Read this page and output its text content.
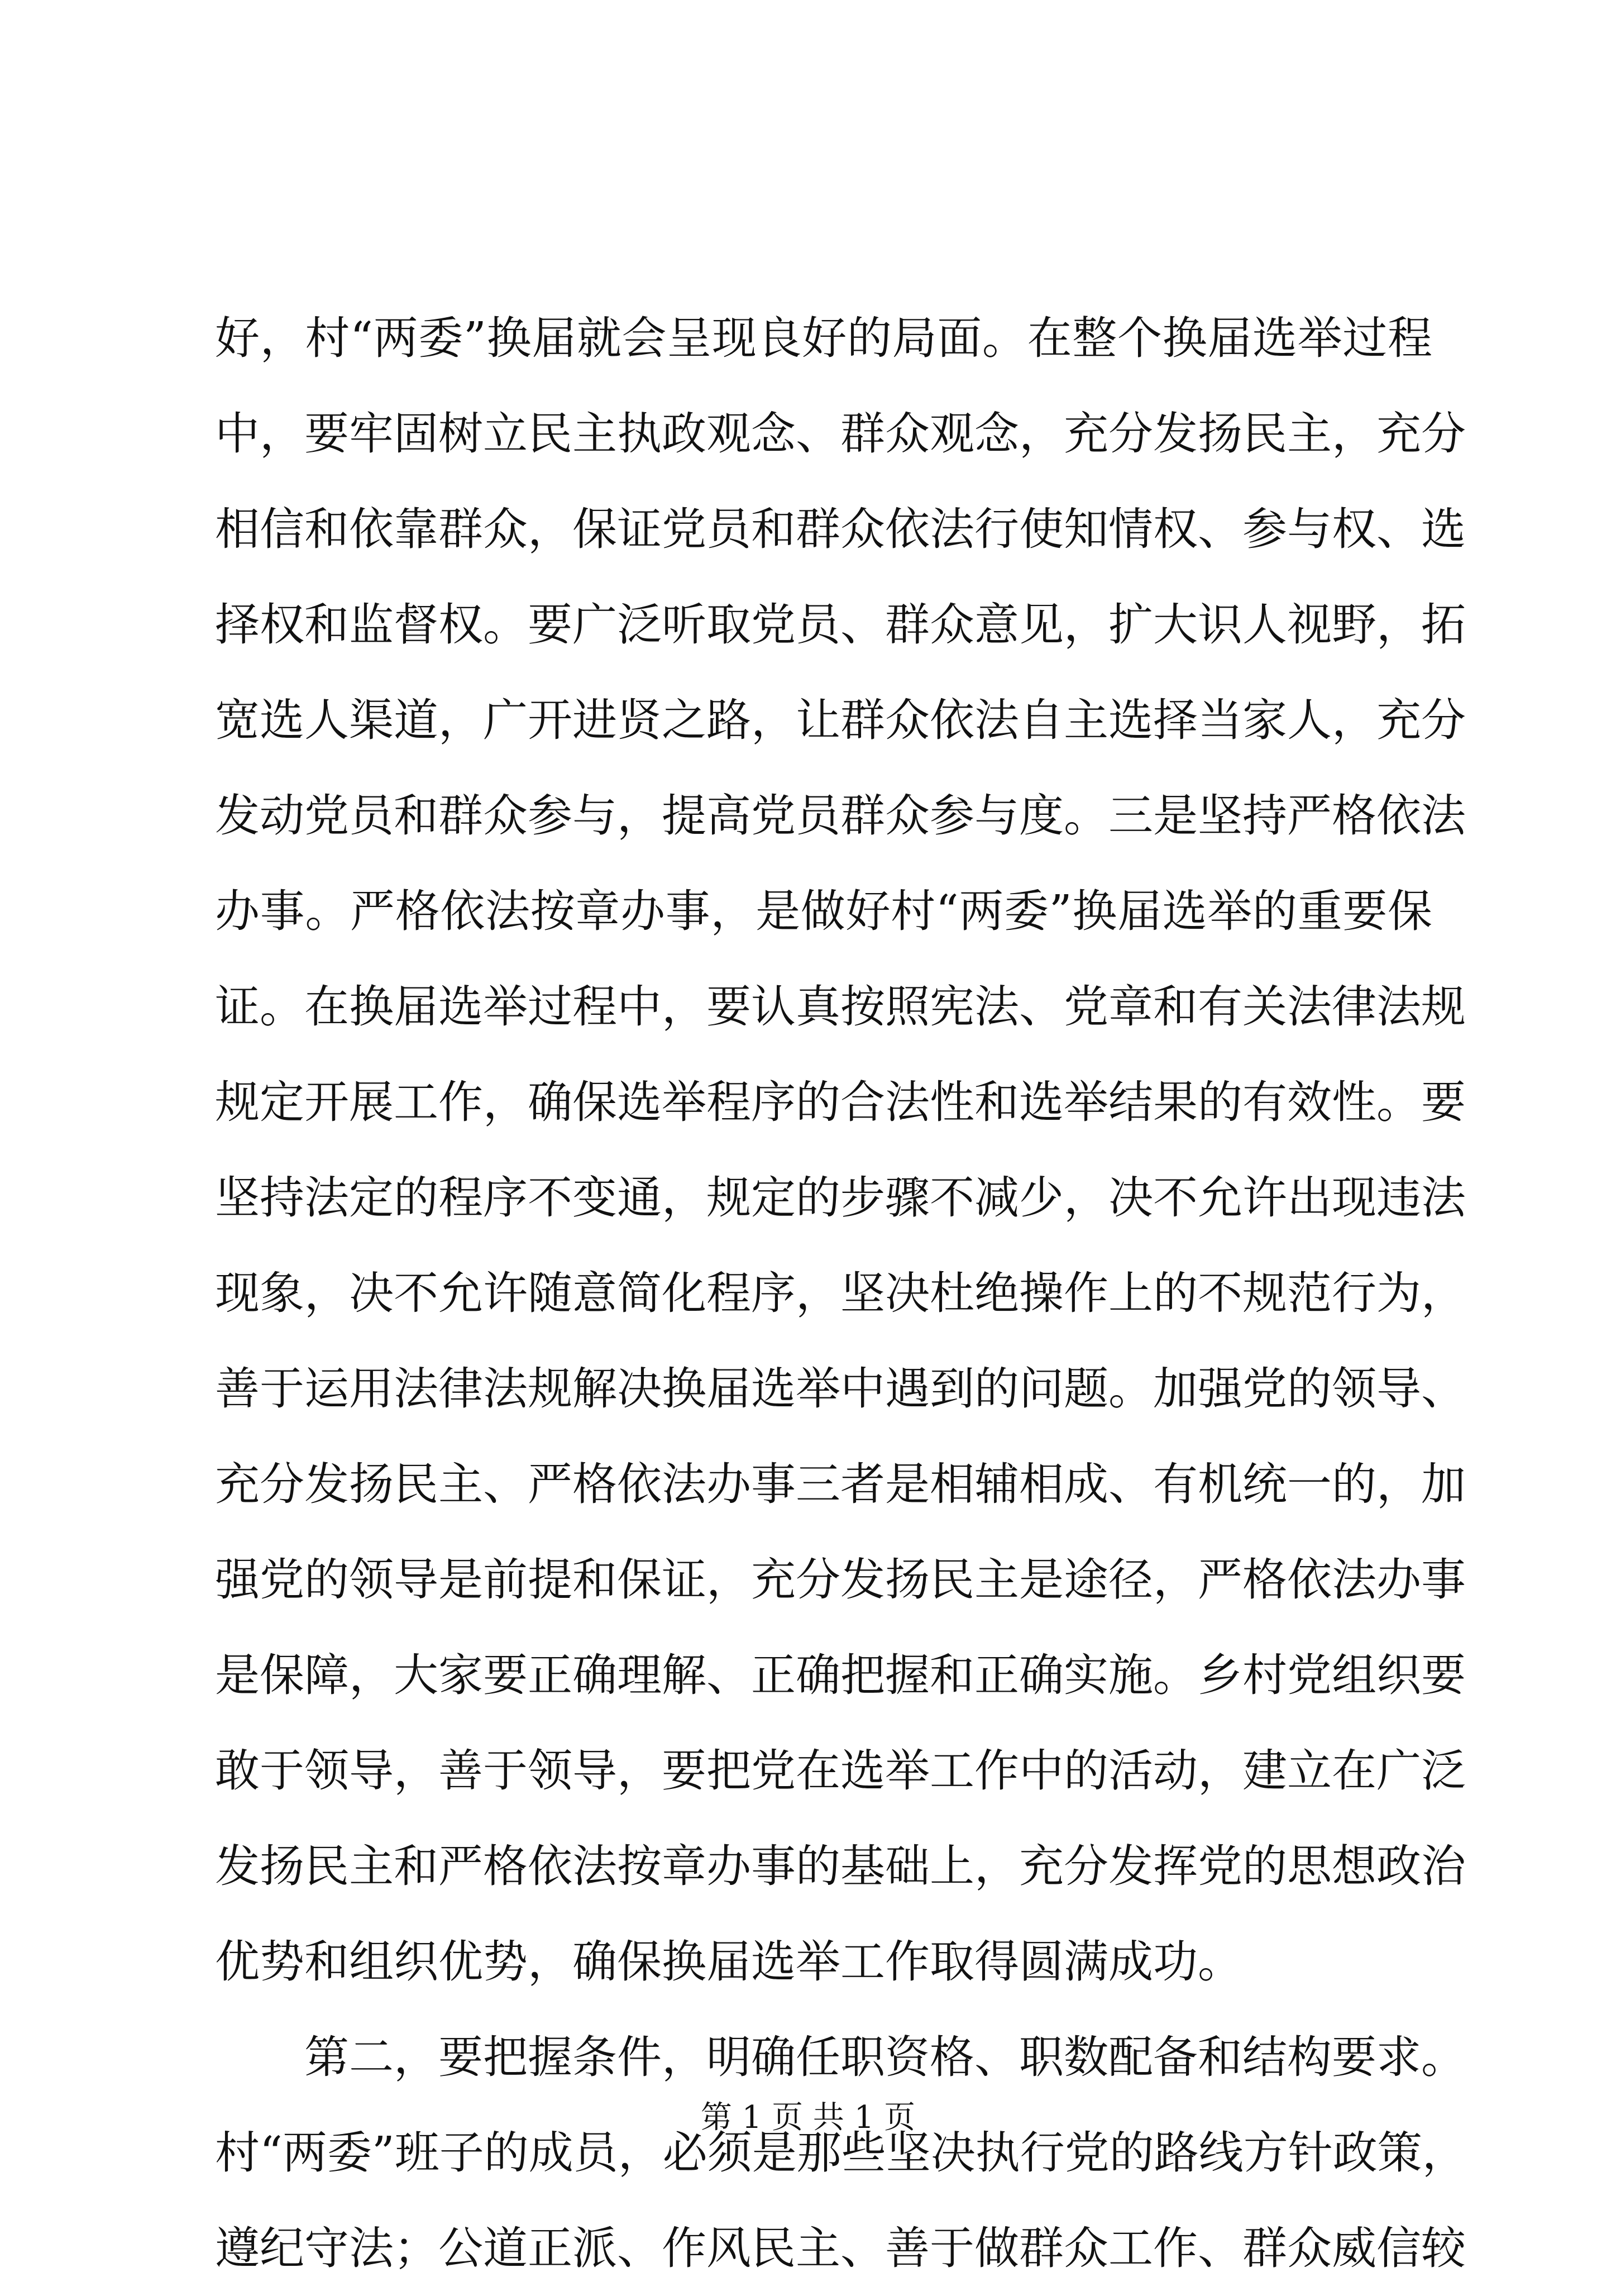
好，村“两委”换届就会呈现良好的局面。在整个换届选举过程
中，要牢固树立民主执政观念、群众观念，充分发扬民主，充分
相信和依靠群众，保证党员和群众依法行使知情权、参与权、选
择权和监督权。要广泛听取党员、群众意见，扩大识人视野，拓
宽选人渠道，广开进贤之路，让群众依法自主选择当家人，充分
发动党员和群众参与，提高党员群众参与度。三是坚持严格依法
办事。严格依法按章办事，是做好村“两委”换届选举的重要保
证。在换届选举过程中，要认真按照宪法、党章和有关法律法规
规定开展工作，确保选举程序的合法性和选举结果的有效性。要
坚持法定的程序不变通，规定的步骤不减少，决不允许出现违法
现象，决不允许随意简化程序，坚决杜绝操作上的不规范行为，
善于运用法律法规解决换届选举中遇到的问题。加强党的领导、
充分发扬民主、严格依法办事三者是相辅相成、有机统一的，加
强党的领导是前提和保证，充分发扬民主是途径，严格依法办事
是保障，大家要正确理解、正确把握和正确实施。乡村党组织要
敢于领导，善于领导，要把党在选举工作中的活动，建立在广泛
发扬民主和严格依法按章办事的基础上，充分发挥党的思想政治
优势和组织优势，确保换届选举工作取得圆满成功。
第二，要把握条件，明确任职资格、职数配备和结构要求。
村“两委”班子的成员，必须是那些坚决执行党的路线方针政策，
遵纪守法；公道正派、作风民主、善于做群众工作、群众威信较
第 1 页 共 1 页
